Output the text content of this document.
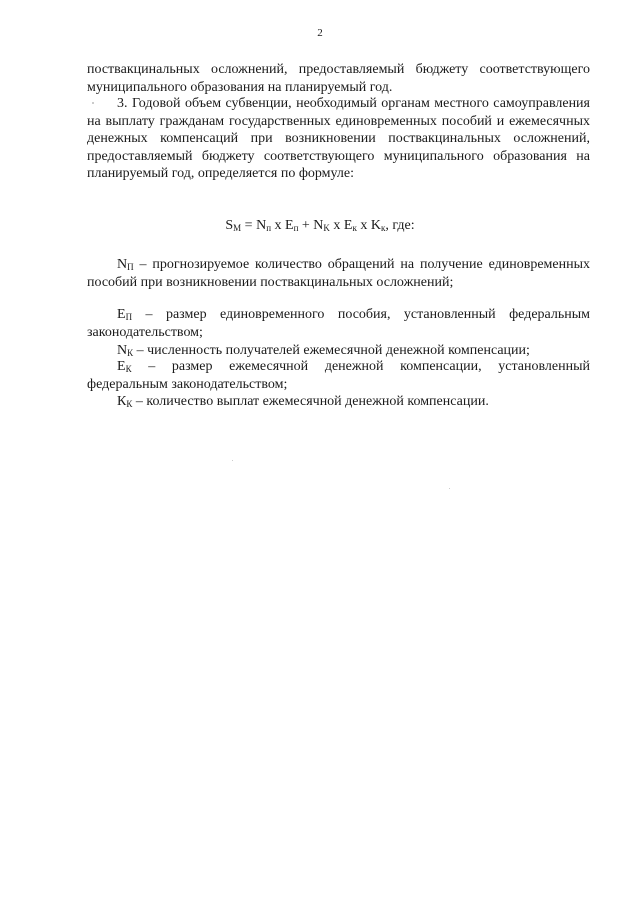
2

поствакцинальных осложнений, предоставляемый бюджету соответствующего муниципального образования на планируемый год.

3. Годовой объем субвенции, необходимый органам местного самоуправления на выплату гражданам государственных единовременных пособий и ежемесячных денежных компенсаций при возникновении поствакцинальных осложнений, предоставляемый бюджету соответствующего муниципального образования на планируемый год, определяется по формуле:

$S_M = N_п$ x $E_п + N_K$ x $E_к$ x $K_к$, где:

$N_П$ – прогнозируемое количество обращений на получение единовременных пособий при возникновении поствакцинальных осложнений;

$E_П$ – размер единовременного пособия, установленный федеральным законодательством;

$N_К$ – численность получателей ежемесячной денежной компенсации;

$E_К$ – размер ежемесячной денежной компенсации, установленный федеральным законодательством;

$К_К$ – количество выплат ежемесячной денежной компенсации.
